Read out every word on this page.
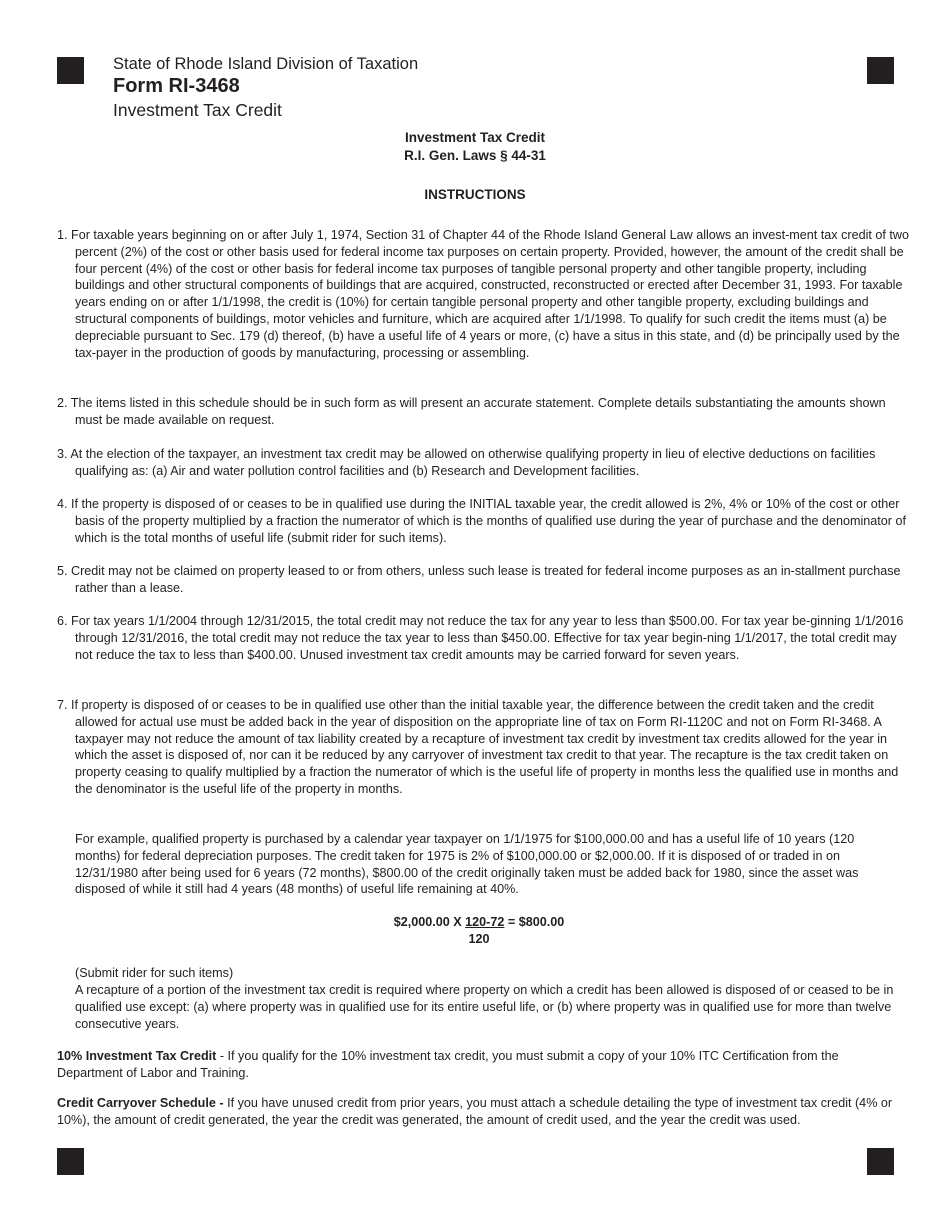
State of Rhode Island Division of Taxation
Form RI-3468
Investment Tax Credit
Investment Tax Credit
R.I. Gen. Laws § 44-31
INSTRUCTIONS
1. For taxable years beginning on or after July 1, 1974, Section 31 of Chapter 44 of the Rhode Island General Law allows an invest-ment tax credit of two percent (2%) of the cost or other basis used for federal income tax purposes on certain property. Provided, however, the amount of the credit shall be four percent (4%) of the cost or other basis for federal income tax purposes of tangible personal property and other tangible property, including buildings and other structural components of buildings that are acquired, constructed, reconstructed or erected after December 31, 1993. For taxable years ending on or after 1/1/1998, the credit is (10%) for certain tangible personal property and other tangible property, excluding buildings and structural components of buildings, motor vehicles and furniture, which are acquired after 1/1/1998. To qualify for such credit the items must (a) be depreciable pursuant to Sec. 179 (d) thereof, (b) have a useful life of 4 years or more, (c) have a situs in this state, and (d) be principally used by the tax-payer in the production of goods by manufacturing, processing or assembling.
2. The items listed in this schedule should be in such form as will present an accurate statement. Complete details substantiating the amounts shown must be made available on request.
3. At the election of the taxpayer, an investment tax credit may be allowed on otherwise qualifying property in lieu of elective deductions on facilities qualifying as: (a) Air and water pollution control facilities and (b) Research and Development facilities.
4. If the property is disposed of or ceases to be in qualified use during the INITIAL taxable year, the credit allowed is 2%, 4% or 10% of the cost or other basis of the property multiplied by a fraction the numerator of which is the months of qualified use during the year of purchase and the denominator of which is the total months of useful life (submit rider for such items).
5. Credit may not be claimed on property leased to or from others, unless such lease is treated for federal income purposes as an in-stallment purchase rather than a lease.
6. For tax years 1/1/2004 through 12/31/2015, the total credit may not reduce the tax for any year to less than $500.00. For tax year be-ginning 1/1/2016 through 12/31/2016, the total credit may not reduce the tax year to less than $450.00. Effective for tax year begin-ning 1/1/2017, the total credit may not reduce the tax to less than $400.00. Unused investment tax credit amounts may be carried forward for seven years.
7. If property is disposed of or ceases to be in qualified use other than the initial taxable year, the difference between the credit taken and the credit allowed for actual use must be added back in the year of disposition on the appropriate line of tax on Form RI-1120C and not on Form RI-3468. A taxpayer may not reduce the amount of tax liability created by a recapture of investment tax credit by investment tax credits allowed for the year in which the asset is disposed of, nor can it be reduced by any carryover of investment tax credit to that year. The recapture is the tax credit taken on property ceasing to qualify multiplied by a fraction the numerator of which is the useful life of property in months less the qualified use in months and the denominator is the useful life of the property in months.
For example, qualified property is purchased by a calendar year taxpayer on 1/1/1975 for $100,000.00 and has a useful life of 10 years (120 months) for federal depreciation purposes. The credit taken for 1975 is 2% of $100,000.00 or $2,000.00. If it is disposed of or traded in on 12/31/1980 after being used for 6 years (72 months), $800.00 of the credit originally taken must be added back for 1980, since the asset was disposed of while it still had 4 years (48 months) of useful life remaining at 40%.
$2,000.00 X 120-72 = $800.00
120
(Submit rider for such items)
A recapture of a portion of the investment tax credit is required where property on which a credit has been allowed is disposed of or ceased to be in qualified use except: (a) where property was in qualified use for its entire useful life, or (b) where property was in qualified use for more than twelve consecutive years.
10% Investment Tax Credit - If you qualify for the 10% investment tax credit, you must submit a copy of your 10% ITC Certification from the Department of Labor and Training.
Credit Carryover Schedule - If you have unused credit from prior years, you must attach a schedule detailing the type of investment tax credit (4% or 10%), the amount of credit generated, the year the credit was generated, the amount of credit used, and the year the credit was used.
